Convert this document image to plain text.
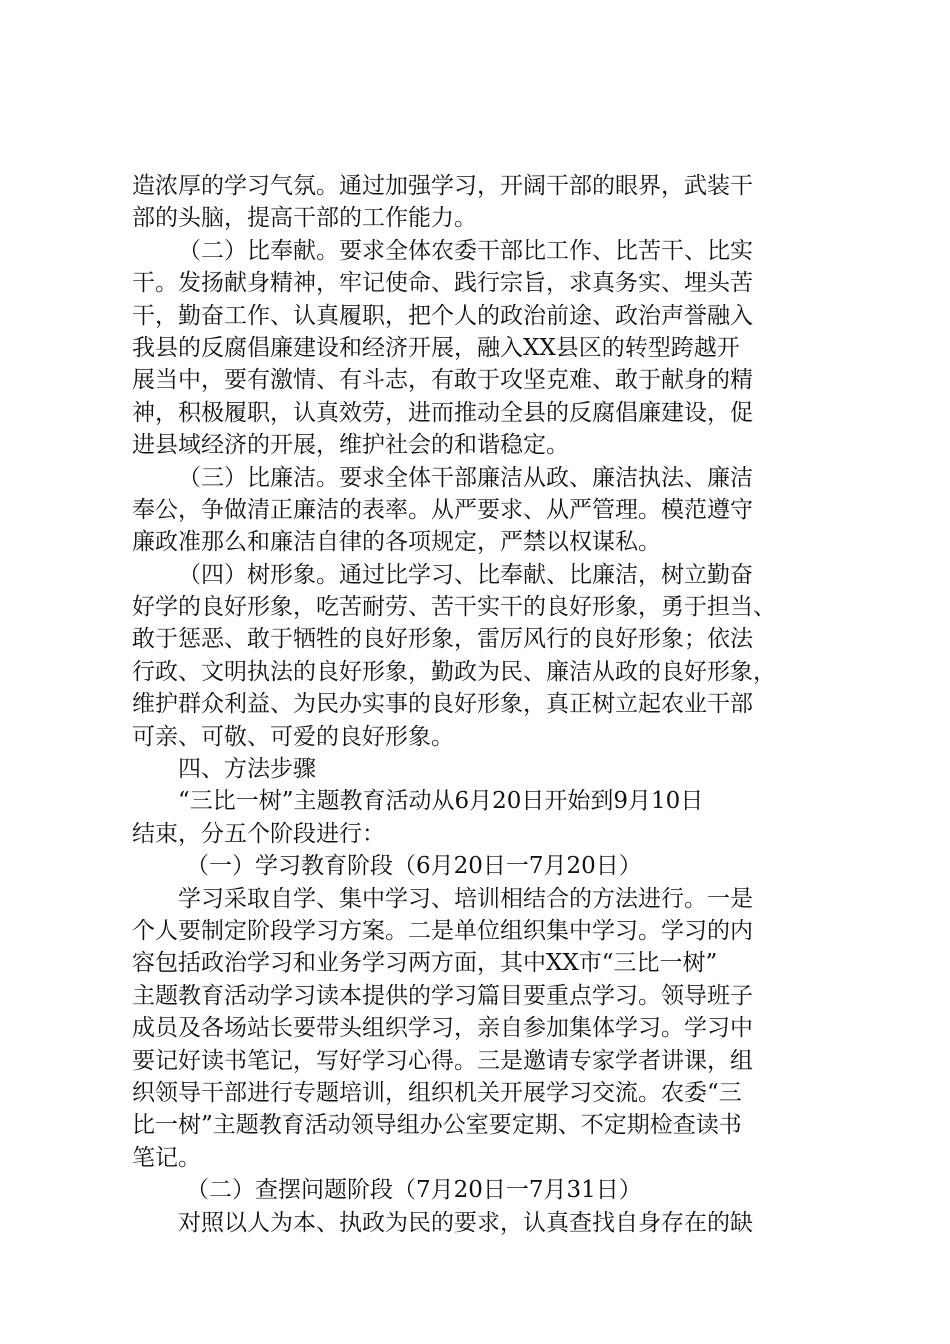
造浓厚的学习气氛。通过加强学习，开阔干部的眼界，武装干
部的头脑，提高干部的工作能力。
（二）比奉献。要求全体农委干部比工作、比苦干、比实
干。发扬献身精神，牢记使命、践行宗旨，求真务实、埋头苦
干，勤奋工作、认真履职，把个人的政治前途、政治声誉融入
我县的反腐倡廉建设和经济开展，融入XX县区的转型跨越开
展当中，要有激情、有斗志，有敢于攻坚克难、敢于献身的精
神，积极履职，认真效劳，进而推动全县的反腐倡廉建设，促
进县域经济的开展，维护社会的和谐稳定。
（三）比廉洁。要求全体干部廉洁从政、廉洁执法、廉洁
奉公，争做清正廉洁的表率。从严要求、从严管理。模范遵守
廉政准那么和廉洁自律的各项规定，严禁以权谋私。
（四）树形象。通过比学习、比奉献、比廉洁，树立勤奋
好学的良好形象，吃苦耐劳、苦干实干的良好形象，勇于担当、
敢于惩恶、敢于牺牲的良好形象，雷厉风行的良好形象；依法
行政、文明执法的良好形象，勤政为民、廉洁从政的良好形象，
维护群众利益、为民办实事的良好形象，真正树立起农业干部
可亲、可敬、可爱的良好形象。
四、方法步骤
“三比一树”主题教育活动从6月20日开始到9月10日
结束，分五个阶段进行：
（一）学习教育阶段（6月20日一7月20日）
学习采取自学、集中学习、培训相结合的方法进行。一是
个人要制定阶段学习方案。二是单位组织集中学习。学习的内
容包括政治学习和业务学习两方面，其中XX市“三比一树”
主题教育活动学习读本提供的学习篇目要重点学习。领导班子
成员及各场站长要带头组织学习，亲自参加集体学习。学习中
要记好读书笔记，写好学习心得。三是邀请专家学者讲课，组
织领导干部进行专题培训，组织机关开展学习交流。农委“三
比一树”主题教育活动领导组办公室要定期、不定期检查读书
笔记。
（二）查摆问题阶段（7月20日一7月31日）
对照以人为本、执政为民的要求，认真查找自身存在的缺
